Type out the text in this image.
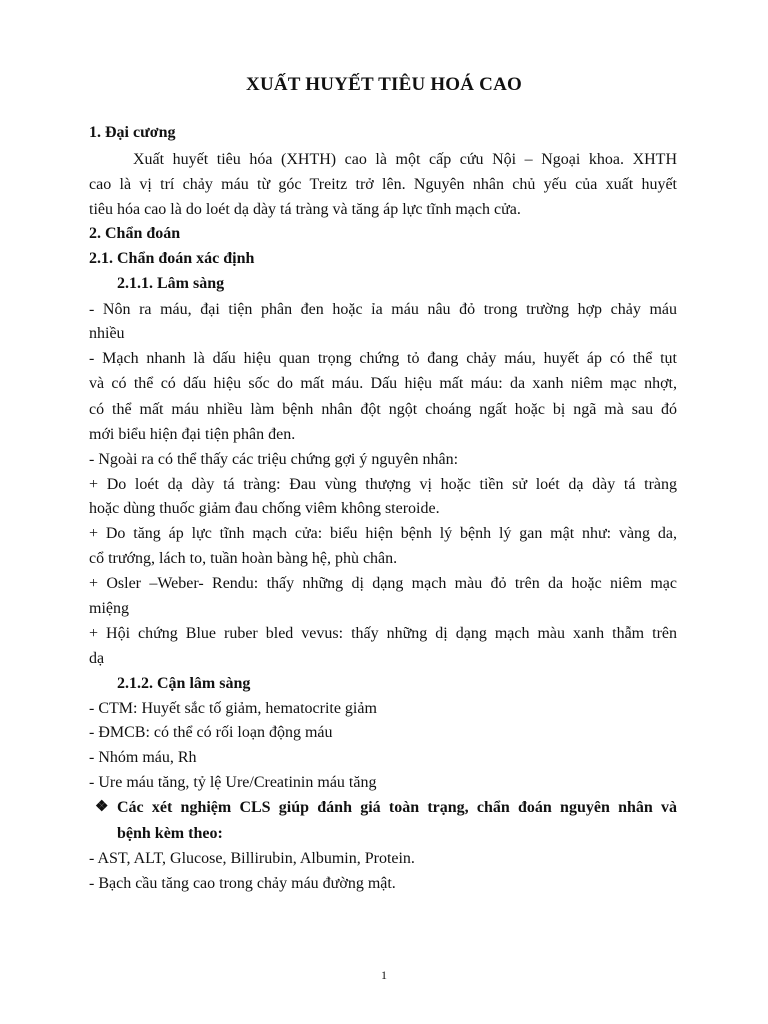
XUẤT HUYẾT TIÊU HOÁ CAO
1. Đại cương
Xuất huyết tiêu hóa (XHTH) cao là một cấp cứu Nội – Ngoại khoa. XHTH
cao là vị trí chảy máu từ góc Treitz trở lên. Nguyên nhân chủ yếu của xuất huyết
tiêu hóa cao là do loét dạ dày tá tràng và tăng áp lực tĩnh mạch cửa.
2. Chẩn đoán
2.1. Chẩn đoán xác định
2.1.1. Lâm sàng
- Nôn ra máu, đại tiện phân đen hoặc ỉa máu nâu đỏ trong trường hợp chảy máu
nhiều
- Mạch nhanh là dấu hiệu quan trọng chứng tỏ đang chảy máu, huyết áp có thể tụt
và có thể có dấu hiệu sốc do mất máu. Dấu hiệu mất máu: da xanh niêm mạc nhợt,
có thể mất máu nhiều làm bệnh nhân đột ngột choáng ngất hoặc bị ngã mà sau đó
mới biểu hiện đại tiện phân đen.
- Ngoài ra có thể thấy các triệu chứng gợi ý nguyên nhân:
+ Do loét dạ dày tá tràng: Đau vùng thượng vị hoặc tiền sử loét dạ dày tá tràng
hoặc dùng thuốc giảm đau chống viêm không steroide.
+ Do tăng áp lực tĩnh mạch cửa: biểu hiện bệnh lý bệnh lý gan mật như: vàng da,
cổ trướng, lách to, tuần hoàn bàng hệ, phù chân.
+ Osler –Weber- Rendu: thấy những dị dạng mạch màu đỏ trên da hoặc niêm mạc
miệng
+ Hội chứng Blue ruber bled vevus: thấy những dị dạng mạch màu xanh thẫm trên
dạ
2.1.2. Cận lâm sàng
- CTM: Huyết sắc tố giảm, hematocrite giảm
- ĐMCB: có thể có rối loạn động máu
- Nhóm máu, Rh
- Ure máu tăng, tỷ lệ Ure/Creatinin máu tăng
❖ Các xét nghiệm CLS giúp đánh giá toàn trạng, chẩn đoán nguyên nhân và
bệnh kèm theo:
- AST, ALT, Glucose, Billirubin, Albumin, Protein.
- Bạch cầu tăng cao trong chảy máu đường mật.
1
